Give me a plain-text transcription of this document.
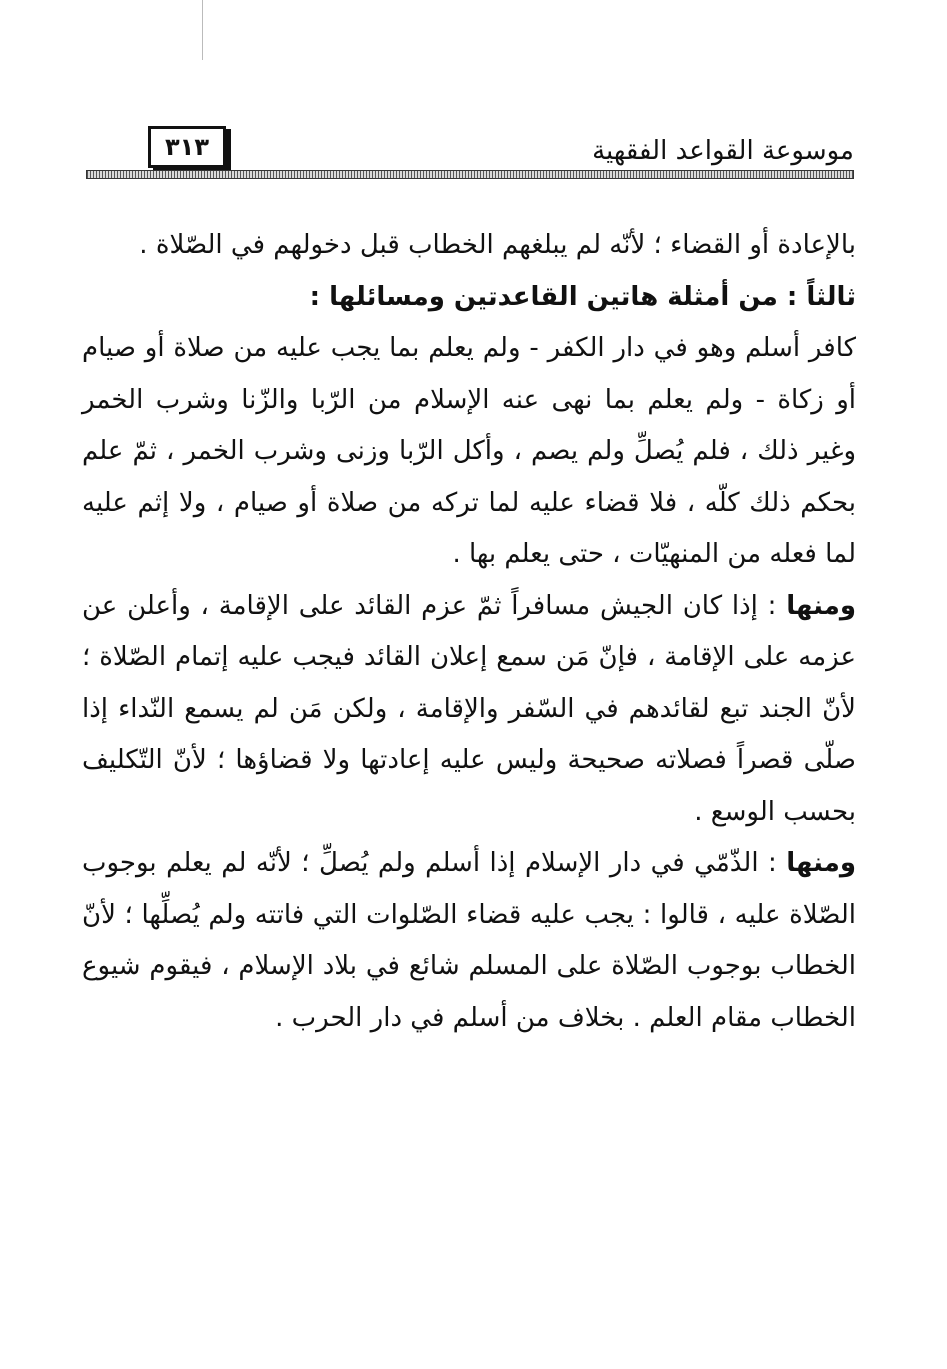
٣١٣	موسوعة القواعد الفقهية

بالإعادة أو القضاء ؛ لأنّه لم يبلغهم الخطاب قبل دخولهم في الصّلاة .

ثالثاً : من أمثلة هاتين القاعدتين ومسائلها :

كافر أسلم وهو في دار الكفر - ولم يعلم بما يجب عليه من صلاة أو صيام أو زكاة - ولم يعلم بما نهى عنه الإسلام من الرّبا والزّنا وشرب الخمر وغير ذلك ، فلم يُصلِّ ولم يصم ، وأكل الرّبا وزنى وشرب الخمر ، ثمّ علم بحكم ذلك كلّه ، فلا قضاء عليه لما تركه من صلاة أو صيام ، ولا إثم عليه لما فعله من المنهيّات ، حتى يعلم بها .

ومنها : إذا كان الجيش مسافراً ثمّ عزم القائد على الإقامة ، وأعلن عن عزمه على الإقامة ، فإنّ مَن سمع إعلان القائد فيجب عليه إتمام الصّلاة ؛ لأنّ الجند تبع لقائدهم في السّفر والإقامة ، ولكن مَن لم يسمع النّداء إذا صلّى قصراً فصلاته صحيحة وليس عليه إعادتها ولا قضاؤها ؛ لأنّ التّكليف بحسب الوسع .

ومنها : الذّمّي في دار الإسلام إذا أسلم ولم يُصلِّ ؛ لأنّه لم يعلم بوجوب الصّلاة عليه ، قالوا : يجب عليه قضاء الصّلوات التي فاتته ولم يُصلِّها ؛ لأنّ الخطاب بوجوب الصّلاة على المسلم شائع في بلاد الإسلام ، فيقوم شيوع الخطاب مقام العلم . بخلاف من أسلم في دار الحرب .
